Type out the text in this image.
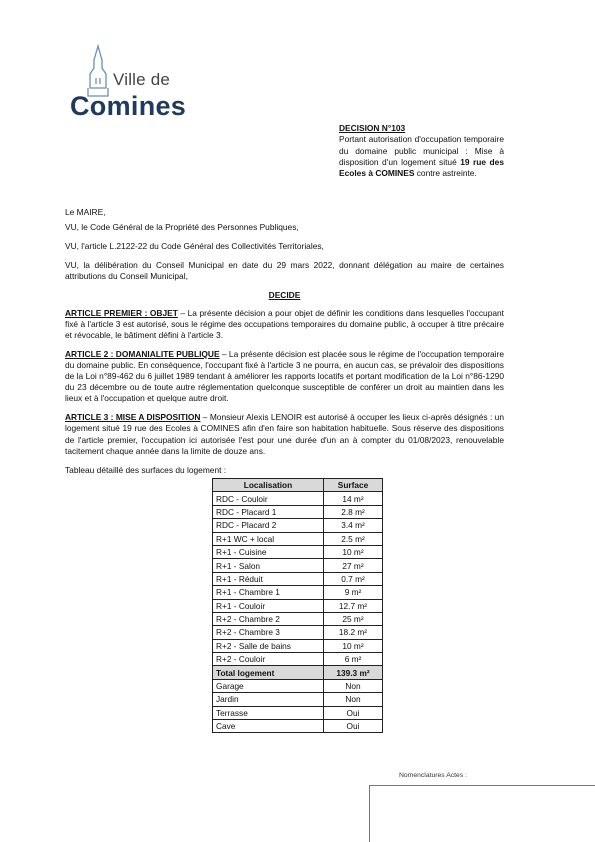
Ville de
Comines
DECISION N°103
Portant autorisation d'occupation temporaire du domaine public municipal : Mise à disposition d'un logement situé 19 rue des Ecoles à COMINES contre astreinte.

Le MAIRE,

VU, le Code Général de la Propriété des Personnes Publiques,

VU, l'article L.2122-22 du Code Général des Collectivités Territoriales,

VU, la délibération du Conseil Municipal en date du 29 mars 2022, donnant délégation au maire de certaines attributions du Conseil Municipal,

DECIDE

ARTICLE PREMIER : OBJET – La présente décision a pour objet de définir les conditions dans lesquelles l'occupant fixé à l'article 3 est autorisé, sous le régime des occupations temporaires du domaine public, à occuper à titre précaire et révocable, le bâtiment défini à l'article 3.

ARTICLE 2 : DOMANIALITE PUBLIQUE – La présente décision est placée sous le régime de l'occupation temporaire du domaine public. En conséquence, l'occupant fixé à l'article 3 ne pourra, en aucun cas, se prévaloir des dispositions de la Loi n°89-462 du 6 juillet 1989 tendant à améliorer les rapports locatifs et portant modification de la Loi n°86-1290 du 23 décembre ou de toute autre réglementation quelconque susceptible de conférer un droit au maintien dans les lieux et à l'occupation et quelque autre droit.

ARTICLE 3 : MISE A DISPOSITION – Monsieur Alexis LENOIR est autorisé à occuper les lieux ci-après désignés : un logement situé 19 rue des Ecoles à COMINES afin d'en faire son habitation habituelle. Sous réserve des dispositions de l'article premier, l'occupation ici autorisée l'est pour une durée d'un an à compter du 01/08/2023, renouvelable tacitement chaque année dans la limite de douze ans.

Tableau détaillé des surfaces du logement :

Localisation	Surface
RDC - Couloir	14 m²
RDC - Placard 1	2.8 m²
RDC - Placard 2	3.4 m²
R+1 WC + local	2.5 m²
R+1 - Cuisine	10 m²
R+1 - Salon	27 m²
R+1 - Réduit	0.7 m²
R+1 - Chambre 1	9 m²
R+1 - Couloir	12.7 m²
R+2 - Chambre 2	25 m²
R+2 - Chambre 3	18.2 m²
R+2 - Salle de bains	10 m²
R+2 - Couloir	6 m²
Total logement	139.3 m²
Garage	Non
Jardin	Non
Terrasse	Oui
Cave	Oui
Nomenclatures Actes :
